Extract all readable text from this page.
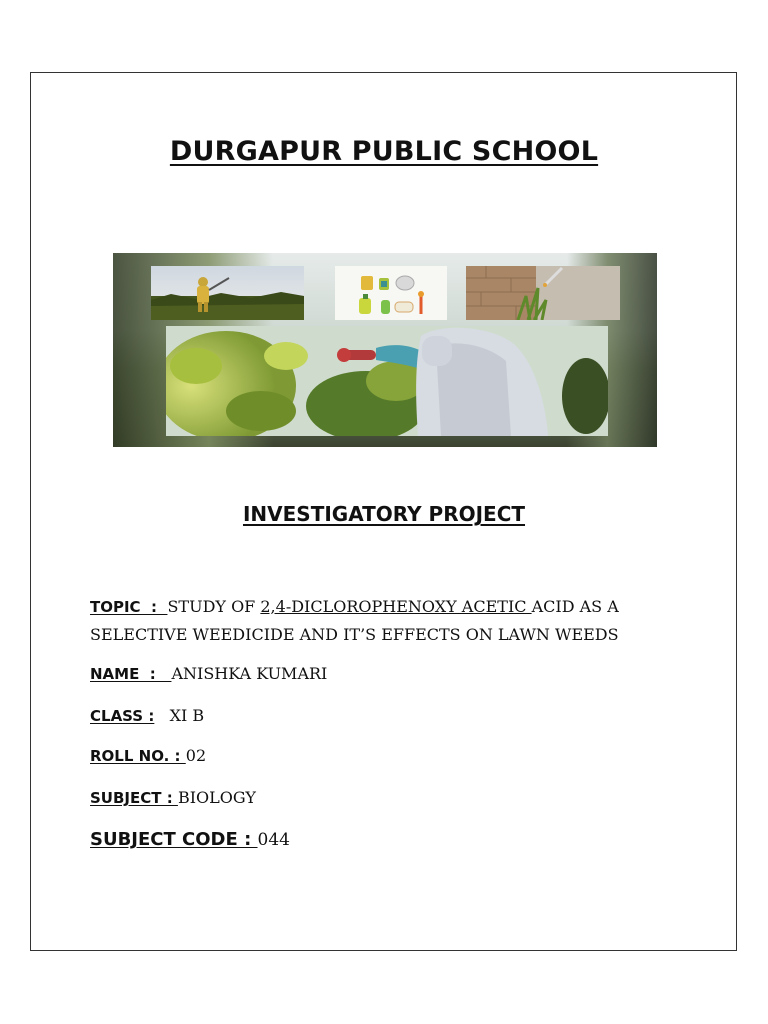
DURGAPUR PUBLIC SCHOOL
INVESTIGATORY PROJECT
TOPIC  :  STUDY OF 2,4-DICLOROPHENOXY ACETIC ACID AS A SELECTIVE WEEDICIDE AND IT’S EFFECTS ON LAWN WEEDS
NAME  :   ANISHKA KUMARI
CLASS : XI B
ROLL NO. : 02
SUBJECT : BIOLOGY
SUBJECT CODE : 044
